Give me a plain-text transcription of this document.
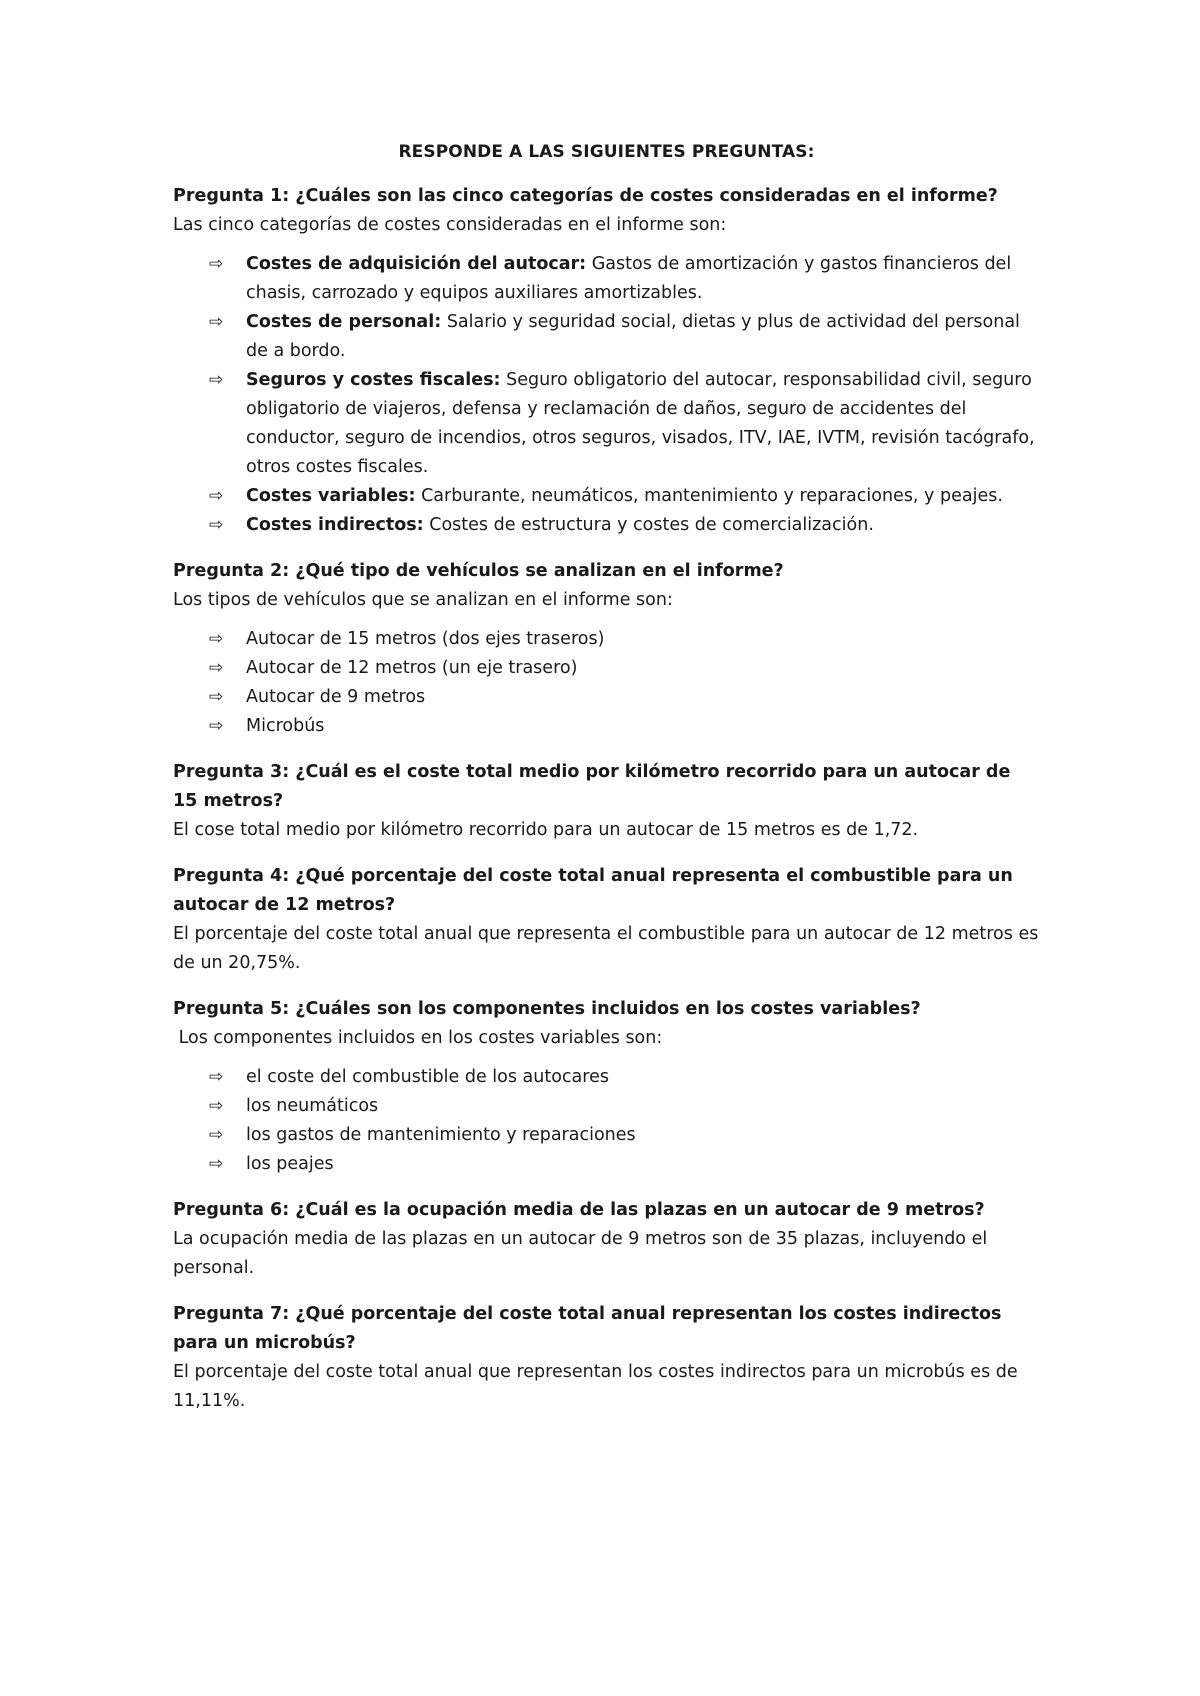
RESPONDE A LAS SIGUIENTES PREGUNTAS:

Pregunta 1: ¿Cuáles son las cinco categorías de costes consideradas en el informe?

Las cinco categorías de costes consideradas en el informe son:

⇨ Costes de adquisición del autocar: Gastos de amortización y gastos financieros del chasis, carrozado y equipos auxiliares amortizables.
⇨ Costes de personal: Salario y seguridad social, dietas y plus de actividad del personal de a bordo.
⇨ Seguros y costes fiscales: Seguro obligatorio del autocar, responsabilidad civil, seguro obligatorio de viajeros, defensa y reclamación de daños, seguro de accidentes del conductor, seguro de incendios, otros seguros, visados, ITV, IAE, IVTM, revisión tacógrafo, otros costes fiscales.
⇨ Costes variables: Carburante, neumáticos, mantenimiento y reparaciones, y peajes.
⇨ Costes indirectos: Costes de estructura y costes de comercialización.

Pregunta 2: ¿Qué tipo de vehículos se analizan en el informe?

Los tipos de vehículos que se analizan en el informe son:

⇨ Autocar de 15 metros (dos ejes traseros)
⇨ Autocar de 12 metros (un eje trasero)
⇨ Autocar de 9 metros
⇨ Microbús

Pregunta 3: ¿Cuál es el coste total medio por kilómetro recorrido para un autocar de 15 metros?

El cose total medio por kilómetro recorrido para un autocar de 15 metros es de 1,72.

Pregunta 4: ¿Qué porcentaje del coste total anual representa el combustible para un autocar de 12 metros?

El porcentaje del coste total anual que representa el combustible para un autocar de 12 metros es de un 20,75%.

Pregunta 5: ¿Cuáles son los componentes incluidos en los costes variables?

Los componentes incluidos en los costes variables son:

⇨ el coste del combustible de los autocares
⇨ los neumáticos
⇨ los gastos de mantenimiento y reparaciones
⇨ los peajes

Pregunta 6: ¿Cuál es la ocupación media de las plazas en un autocar de 9 metros?

La ocupación media de las plazas en un autocar de 9 metros son de 35 plazas, incluyendo el personal.

Pregunta 7: ¿Qué porcentaje del coste total anual representan los costes indirectos para un microbús?

El porcentaje del coste total anual que representan los costes indirectos para un microbús es de 11,11%.
